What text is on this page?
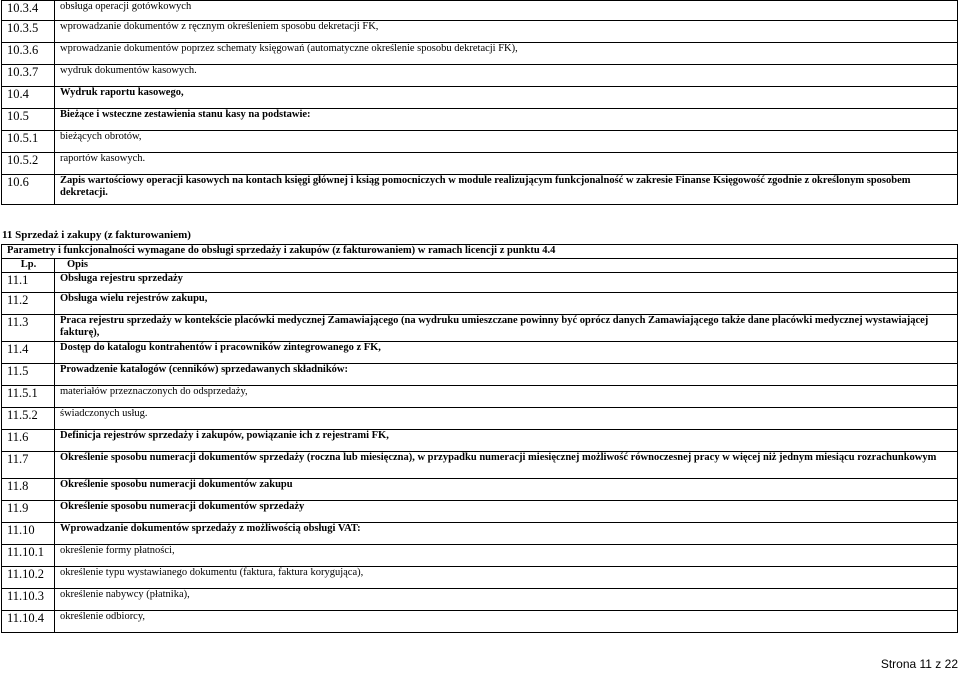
10.3.4	obsługa operacji gotówkowych
10.3.5	wprowadzanie dokumentów z ręcznym określeniem sposobu dekretacji FK,
10.3.6	wprowadzanie dokumentów poprzez schematy księgowań (automatyczne określenie sposobu dekretacji FK),
10.3.7	wydruk dokumentów kasowych.
10.4	Wydruk raportu kasowego,
10.5	Bieżące i wsteczne zestawienia stanu kasy na podstawie:
10.5.1	bieżących obrotów,
10.5.2	raportów kasowych.
10.6	Zapis wartościowy operacji kasowych na kontach księgi głównej i ksiąg pomocniczych w module realizującym funkcjonalność w zakresie Finanse Księgowość zgodnie z określonym sposobem dekretacji.
11 Sprzedaż i zakupy (z fakturowaniem)
Parametry i funkcjonalności wymagane do obsługi sprzedaży i zakupów (z fakturowaniem) w ramach licencji z punktu 4.4	
Lp.	Opis
11.1	Obsługa rejestru sprzedaży
11.2	Obsługa wielu rejestrów zakupu,
11.3	Praca rejestru sprzedaży w kontekście placówki medycznej Zamawiającego (na wydruku umieszczane powinny być oprócz danych Zamawiającego także dane placówki medycznej wystawiającej fakturę),
11.4	Dostęp do katalogu kontrahentów i pracowników zintegrowanego z FK,
11.5	Prowadzenie katalogów (cenników) sprzedawanych składników:
11.5.1	materiałów przeznaczonych do odsprzedaży,
11.5.2	świadczonych usług.
11.6	Definicja rejestrów sprzedaży i zakupów, powiązanie ich z rejestrami FK,
11.7	Określenie sposobu numeracji dokumentów sprzedaży (roczna lub miesięczna), w przypadku numeracji miesięcznej możliwość równoczesnej pracy w więcej niż jednym miesiącu rozrachunkowym
11.8	Określenie sposobu numeracji dokumentów zakupu
11.9	Określenie sposobu numeracji dokumentów sprzedaży
11.10	Wprowadzanie dokumentów sprzedaży z możliwością obsługi VAT:
11.10.1	określenie formy płatności,
11.10.2	określenie typu wystawianego dokumentu (faktura, faktura korygująca),
11.10.3	określenie nabywcy (płatnika),
11.10.4	określenie odbiorcy,
Strona 11 z 22
